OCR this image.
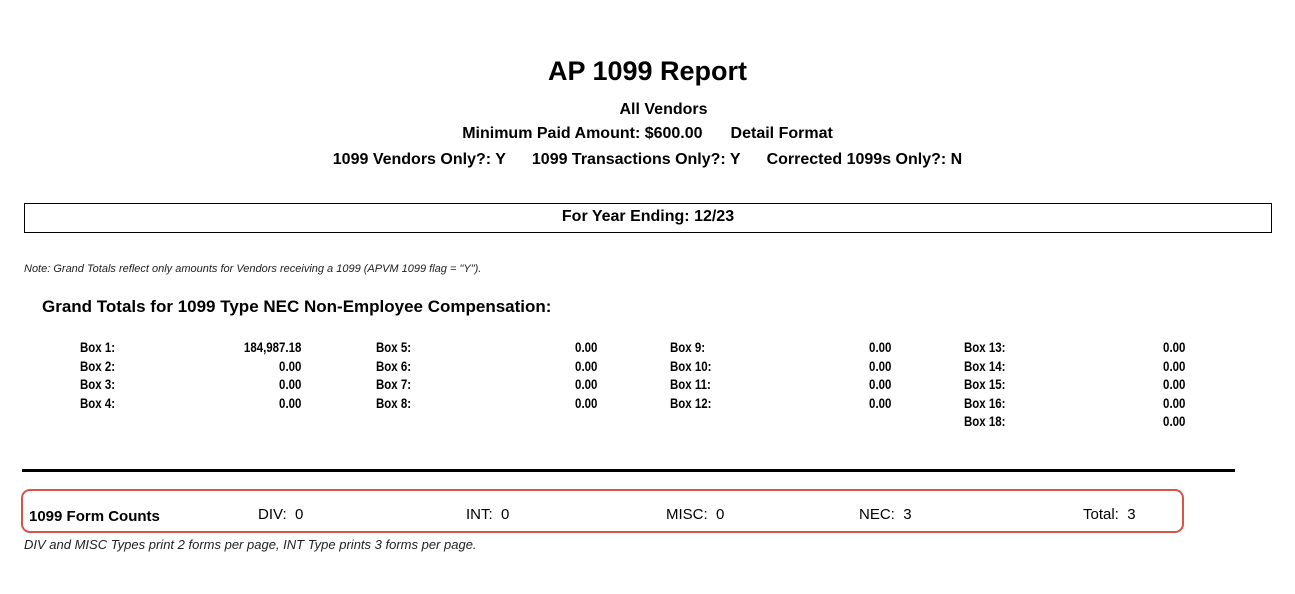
AP 1099 Report
All Vendors
Minimum Paid Amount: $600.00 Detail Format
1099 Vendors Only?: Y 1099 Transactions Only?: Y Corrected 1099s Only?: N
For Year Ending: 12/23
Note: Grand Totals reflect only amounts for Vendors receiving a 1099 (APVM 1099 flag = "Y").
Grand Totals for 1099 Type NEC Non-Employee Compensation:
Box 1:	184,987.18
Box 2:	0.00
Box 3:	0.00
Box 4:	0.00
Box 5:	0.00
Box 6:	0.00
Box 7:	0.00
Box 8:	0.00
Box 9:	0.00
Box 10:	0.00
Box 11:	0.00
Box 12:	0.00
Box 13:	0.00
Box 14:	0.00
Box 15:	0.00
Box 16:	0.00
Box 18:	0.00
1099 Form Counts	DIV: 0	INT: 0	MISC: 0	NEC: 3	Total: 3
DIV and MISC Types print 2 forms per page, INT Type prints 3 forms per page.
